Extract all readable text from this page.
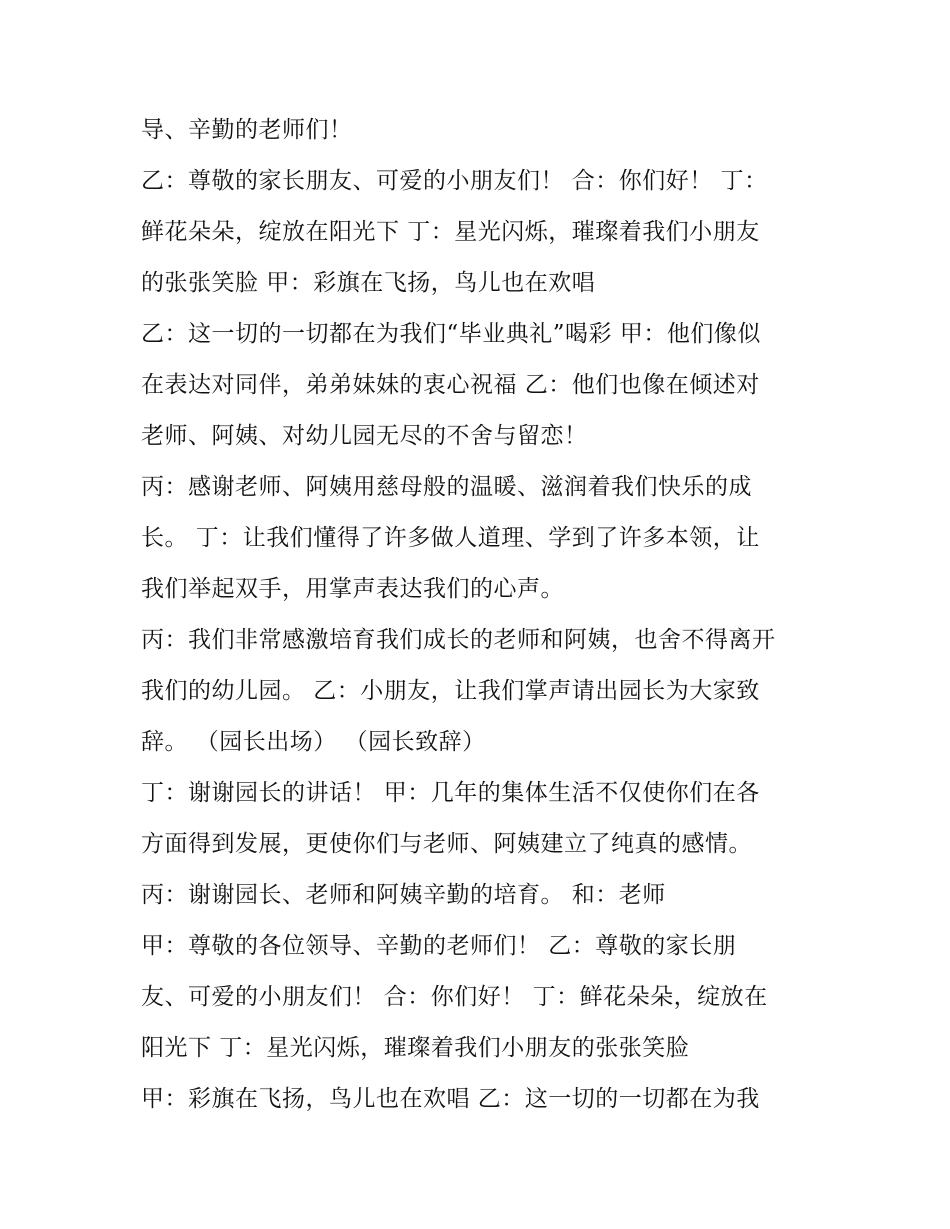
导、辛勤的老师们！
乙：尊敬的家长朋友、可爱的小朋友们！ 合：你们好！ 丁：
鲜花朵朵，绽放在阳光下 丁：星光闪烁，璀璨着我们小朋友
的张张笑脸 甲：彩旗在飞扬，鸟儿也在欢唱
乙：这一切的一切都在为我们“毕业典礼”喝彩 甲：他们像似
在表达对同伴，弟弟妹妹的衷心祝福 乙：他们也像在倾述对
老师、阿姨、对幼儿园无尽的不舍与留恋！
丙：感谢老师、阿姨用慈母般的温暖、滋润着我们快乐的成
长。 丁：让我们懂得了许多做人道理、学到了许多本领，让
我们举起双手，用掌声表达我们的心声。
丙：我们非常感激培育我们成长的老师和阿姨，也舍不得离开
我们的幼儿园。 乙：小朋友，让我们掌声请出园长为大家致
辞。 （园长出场） （园长致辞）
丁：谢谢园长的讲话！ 甲：几年的集体生活不仅使你们在各
方面得到发展，更使你们与老师、阿姨建立了纯真的感情。
丙：谢谢园长、老师和阿姨辛勤的培育。 和：老师
甲：尊敬的各位领导、辛勤的老师们！ 乙：尊敬的家长朋
友、可爱的小朋友们！ 合：你们好！ 丁：鲜花朵朵，绽放在
阳光下 丁：星光闪烁，璀璨着我们小朋友的张张笑脸
甲：彩旗在飞扬，鸟儿也在欢唱 乙：这一切的一切都在为我
